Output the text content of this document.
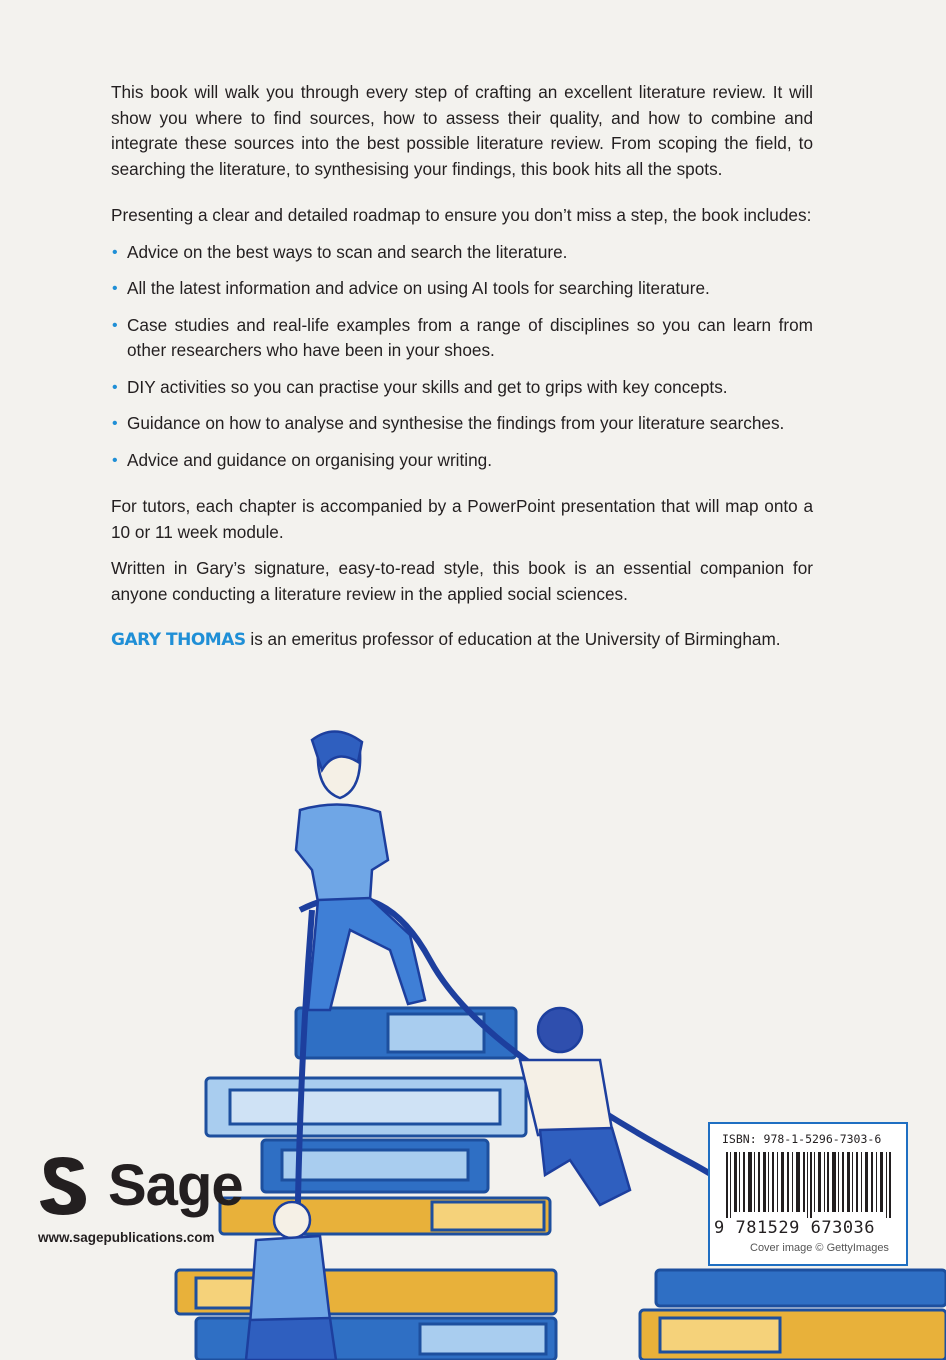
This book will walk you through every step of crafting an excellent literature review. It will show you where to find sources, how to assess their quality, and how to combine and integrate these sources into the best possible literature review. From scoping the field, to searching the literature, to synthesising your findings, this book hits all the spots.

Presenting a clear and detailed roadmap to ensure you don’t miss a step, the book includes:

• Advice on the best ways to scan and search the literature.
• All the latest information and advice on using AI tools for searching literature.
• Case studies and real-life examples from a range of disciplines so you can learn from other researchers who have been in your shoes.
• DIY activities so you can practise your skills and get to grips with key concepts.
• Guidance on how to analyse and synthesise the findings from your literature searches.
• Advice and guidance on organising your writing.

For tutors, each chapter is accompanied by a PowerPoint presentation that will map onto a 10 or 11 week module.

Written in Gary’s signature, easy-to-read style, this book is an essential companion for anyone conducting a literature review in the applied social sciences.

GARY THOMAS is an emeritus professor of education at the University of Birmingham.

Sage
www.sagepublications.com
ISBN: 978-1-5296-7303-6
9 781529 673036
Cover image © GettyImages
